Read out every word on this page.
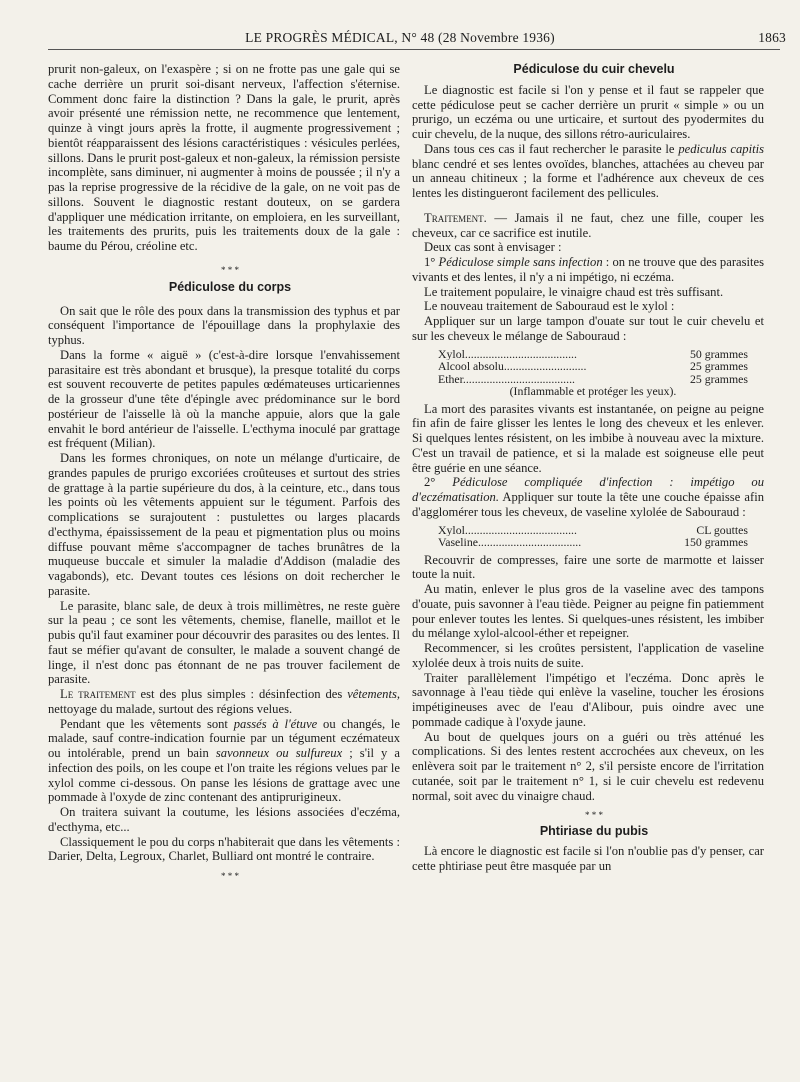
LE PROGRÈS MÉDICAL, N° 48 (28 Novembre 1936)	1863

prurit non-galeux, on l'exaspère ; si on ne frotte pas une gale qui se cache derrière un prurit soi-disant nerveux, l'affection s'éternise. Comment donc faire la distinction ? Dans la gale, le prurit, après avoir présenté une rémission nette, ne recommence que lentement, quinze à vingt jours après la frotte, il augmente progressivement ; bientôt réapparaissent des lésions caractéristiques : vésicules perlées, sillons. Dans le prurit post-galeux et non-galeux, la rémission persiste incomplète, sans diminuer, ni augmenter à moins de poussée ; il n'y a pas la reprise progressive de la récidive de la gale, on ne voit pas de sillons. Souvent le diagnostic restant douteux, on se gardera d'appliquer une médication irritante, on emploiera, en les surveillant, les traitements des prurits, puis les traitements doux de la gale : baume du Pérou, créoline etc.

* * *

Pédiculose du corps

On sait que le rôle des poux dans la transmission des typhus et par conséquent l'importance de l'épouillage dans la prophylaxie des typhus.

Dans la forme « aiguë » (c'est-à-dire lorsque l'envahissement parasitaire est très abondant et brusque), la presque totalité du corps est souvent recouverte de petites papules œdémateuses urticariennes de la grosseur d'une tête d'épingle avec prédominance sur le bord postérieur de l'aisselle là où la manche appuie, alors que la gale envahit le bord antérieur de l'aisselle. L'ecthyma inoculé par grattage est fréquent (Milian).

Dans les formes chroniques, on note un mélange d'urticaire, de grandes papules de prurigo excoriées croûteuses et surtout des stries de grattage à la partie supérieure du dos, à la ceinture, etc., dans tous les points où les vêtements appuient sur le tégument. Parfois des complications se surajoutent : pustulettes ou larges placards d'ecthyma, épaississement de la peau et pigmentation plus ou moins diffuse pouvant même s'accompagner de taches brunâtres de la muqueuse buccale et simuler la maladie d'Addison (maladie des vagabonds), etc. Devant toutes ces lésions on doit rechercher le parasite.

Le parasite, blanc sale, de deux à trois millimètres, ne reste guère sur la peau ; ce sont les vêtements, chemise, flanelle, maillot et le pubis qu'il faut examiner pour découvrir des parasites ou des lentes. Il faut se méfier qu'avant de consulter, le malade a souvent changé de linge, il n'est donc pas étonnant de ne pas trouver facilement de parasite.

Le traitement est des plus simples : désinfection des vêtements, nettoyage du malade, surtout des régions velues.

Pendant que les vêtements sont passés à l'étuve ou changés, le malade, sauf contre-indication fournie par un tégument eczémateux ou intolérable, prend un bain savonneux ou sulfureux ; s'il y a infection des poils, on les coupe et l'on traite les régions velues par le xylol comme ci-dessous. On panse les lésions de grattage avec une pommade à l'oxyde de zinc contenant des antiprurigineux.

On traitera suivant la coutume, les lésions associées d'eczéma, d'ecthyma, etc...

Classiquement le pou du corps n'habiterait que dans les vêtements : Darier, Delta, Legroux, Charlet, Bulliard ont montré le contraire.

* * *

Pédiculose du cuir chevelu

Le diagnostic est facile si l'on y pense et il faut se rappeler que cette pédiculose peut se cacher derrière un prurit « simple » ou un prurigo, un eczéma ou une urticaire, et surtout des pyodermites du cuir chevelu, de la nuque, des sillons rétro-auriculaires.

Dans tous ces cas il faut rechercher le parasite le pediculus capitis blanc cendré et ses lentes ovoïdes, blanches, attachées au cheveu par un anneau chitineux ; la forme et l'adhérence aux cheveux de ces lentes les distingueront facilement des pellicules.

Traitement. — Jamais il ne faut, chez une fille, couper les cheveux, car ce sacrifice est inutile.

Deux cas sont à envisager :

1° Pédiculose simple sans infection : on ne trouve que des parasites vivants et des lentes, il n'y a ni impétigo, ni eczéma.

Le traitement populaire, le vinaigre chaud est très suffisant.

Le nouveau traitement de Sabouraud est le xylol :

Appliquer sur un large tampon d'ouate sur tout le cuir chevelu et sur les cheveux le mélange de Sabouraud :

Xylol......................................	50 grammes
Alcool absolu............................	25 grammes
Ether......................................	25 grammes
(Inflammable et protéger les yeux).

La mort des parasites vivants est instantanée, on peigne au peigne fin afin de faire glisser les lentes le long des cheveux et les enlever. Si quelques lentes résistent, on les imbibe à nouveau avec la mixture. C'est un travail de patience, et si la malade est soigneuse elle peut être guérie en une séance.

2° Pédiculose compliquée d'infection : impétigo ou d'eczématisation. Appliquer sur toute la tête une couche épaisse afin d'agglomérer tous les cheveux, de vaseline xylolée de Sabouraud :

Xylol......................................	CL gouttes
Vaseline...................................	150 grammes

Recouvrir de compresses, faire une sorte de marmotte et laisser toute la nuit.

Au matin, enlever le plus gros de la vaseline avec des tampons d'ouate, puis savonner à l'eau tiède. Peigner au peigne fin patiemment pour enlever toutes les lentes. Si quelques-unes résistent, les imbiber du mélange xylol-alcool-éther et repeigner.

Recommencer, si les croûtes persistent, l'application de vaseline xylolée deux à trois nuits de suite.

Traiter parallèlement l'impétigo et l'eczéma. Donc après le savonnage à l'eau tiède qui enlève la vaseline, toucher les érosions impétigineuses avec de l'eau d'Alibour, puis oindre avec une pommade cadique à l'oxyde jaune.

Au bout de quelques jours on a guéri ou très atténué les complications. Si des lentes restent accrochées aux cheveux, on les enlèvera soit par le traitement n° 2, s'il persiste encore de l'irritation cutanée, soit par le traitement n° 1, si le cuir chevelu est redevenu normal, soit avec du vinaigre chaud.

* * *

Phtiriase du pubis

Là encore le diagnostic est facile si l'on n'oublie pas d'y penser, car cette phtiriase peut être masquée par un
